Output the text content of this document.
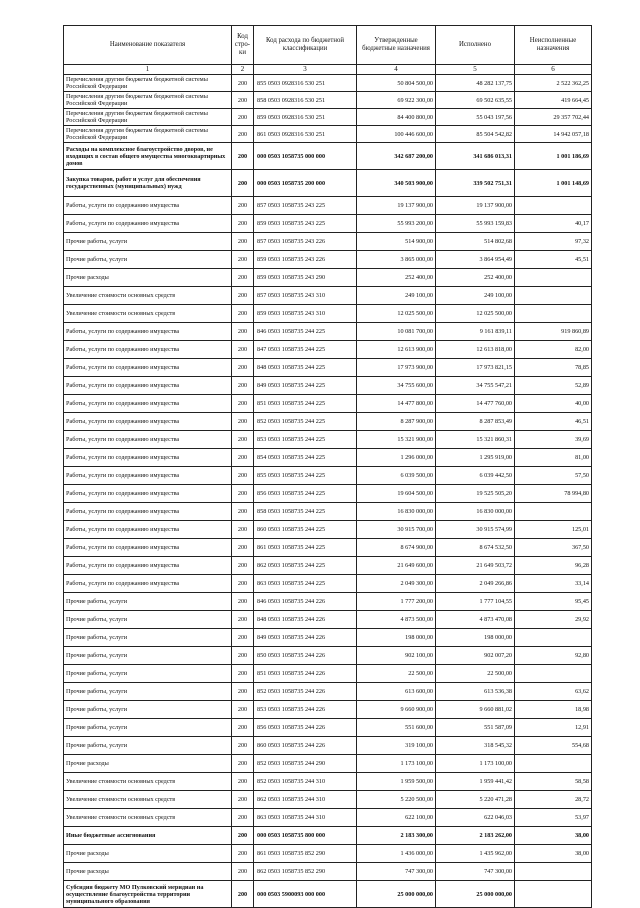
Наименование показателя	Код стро-ки	Код расхода по бюджетной классификации	Утвержденные бюджетные назначения	Исполнено	Неисполненные назначения
1	2	3	4	5	6
Перечисления другим бюджетам бюджетной системы Российской Федерации	200	855 0503 0928316 530 251	50 804 500,00	48 282 137,75	2 522 362,25
Перечисления другим бюджетам бюджетной системы Российской Федерации	200	858 0503 0928316 530 251	69 922 300,00	69 502 635,55	419 664,45
Перечисления другим бюджетам бюджетной системы Российской Федерации	200	859 0503 0928316 530 251	84 400 800,00	55 043 197,56	29 357 702,44
Перечисления другим бюджетам бюджетной системы Российской Федерации	200	861 0503 0928316 530 251	100 446 600,00	85 504 542,82	14 942 057,18
Расходы на комплексное благоустройство дворов, не входящих в состав общего имущества многоквартирных домов	200	000 0503 1058735 000 000	342 687 200,00	341 686 013,31	1 001 186,69
Закупка товаров, работ и услуг для обеспечения государственных (муниципальных) нужд	200	000 0503 1058735 200 000	340 503 900,00	339 502 751,31	1 001 148,69
Работы, услуги по содержанию имущества	200	857 0503 1058735 243 225	19 137 900,00	19 137 900,00	
Работы, услуги по содержанию имущества	200	859 0503 1058735 243 225	55 993 200,00	55 993 159,83	40,17
Прочие работы, услуги	200	857 0503 1058735 243 226	514 900,00	514 802,68	97,32
Прочие работы, услуги	200	859 0503 1058735 243 226	3 865 000,00	3 864 954,49	45,51
Прочие расходы	200	859 0503 1058735 243 290	252 400,00	252 400,00	
Увеличение стоимости основных средств	200	857 0503 1058735 243 310	249 100,00	249 100,00	
Увеличение стоимости основных средств	200	859 0503 1058735 243 310	12 025 500,00	12 025 500,00	
Работы, услуги по содержанию имущества	200	846 0503 1058735 244 225	10 081 700,00	9 161 839,11	919 860,89
Работы, услуги по содержанию имущества	200	847 0503 1058735 244 225	12 613 900,00	12 613 818,00	82,00
Работы, услуги по содержанию имущества	200	848 0503 1058735 244 225	17 973 900,00	17 973 821,15	78,85
Работы, услуги по содержанию имущества	200	849 0503 1058735 244 225	34 755 600,00	34 755 547,21	52,89
Работы, услуги по содержанию имущества	200	851 0503 1058735 244 225	14 477 800,00	14 477 760,00	40,00
Работы, услуги по содержанию имущества	200	852 0503 1058735 244 225	8 287 900,00	8 287 853,49	46,51
Работы, услуги по содержанию имущества	200	853 0503 1058735 244 225	15 321 900,00	15 321 860,31	39,69
Работы, услуги по содержанию имущества	200	854 0503 1058735 244 225	1 296 000,00	1 295 919,00	81,00
Работы, услуги по содержанию имущества	200	855 0503 1058735 244 225	6 039 500,00	6 039 442,50	57,50
Работы, услуги по содержанию имущества	200	856 0503 1058735 244 225	19 604 500,00	19 525 505,20	78 994,80
Работы, услуги по содержанию имущества	200	858 0503 1058735 244 225	16 830 000,00	16 830 000,00	
Работы, услуги по содержанию имущества	200	860 0503 1058735 244 225	30 915 700,00	30 915 574,99	125,01
Работы, услуги по содержанию имущества	200	861 0503 1058735 244 225	8 674 900,00	8 674 532,50	367,50
Работы, услуги по содержанию имущества	200	862 0503 1058735 244 225	21 649 600,00	21 649 503,72	96,28
Работы, услуги по содержанию имущества	200	863 0503 1058735 244 225	2 049 300,00	2 049 266,86	33,14
Прочие работы, услуги	200	846 0503 1058735 244 226	1 777 200,00	1 777 104,55	95,45
Прочие работы, услуги	200	848 0503 1058735 244 226	4 873 500,00	4 873 470,08	29,92
Прочие работы, услуги	200	849 0503 1058735 244 226	198 000,00	198 000,00	
Прочие работы, услуги	200	850 0503 1058735 244 226	902 100,00	902 007,20	92,80
Прочие работы, услуги	200	851 0503 1058735 244 226	22 500,00	22 500,00	
Прочие работы, услуги	200	852 0503 1058735 244 226	613 600,00	613 536,38	63,62
Прочие работы, услуги	200	853 0503 1058735 244 226	9 660 900,00	9 660 881,02	18,98
Прочие работы, услуги	200	856 0503 1058735 244 226	551 600,00	551 587,09	12,91
Прочие работы, услуги	200	860 0503 1058735 244 226	319 100,00	318 545,32	554,68
Прочие расходы	200	852 0503 1058735 244 290	1 173 100,00	1 173 100,00	
Увеличение стоимости основных средств	200	852 0503 1058735 244 310	1 959 500,00	1 959 441,42	58,58
Увеличение стоимости основных средств	200	862 0503 1058735 244 310	5 220 500,00	5 220 471,28	28,72
Увеличение стоимости основных средств	200	863 0503 1058735 244 310	622 100,00	622 046,03	53,97
Иные бюджетные ассигнования	200	000 0503 1058735 800 000	2 183 300,00	2 183 262,00	38,00
Прочие расходы	200	861 0503 1058735 852 290	1 436 000,00	1 435 962,00	38,00
Прочие расходы	200	862 0503 1058735 852 290	747 300,00	747 300,00	
Субсидия бюджету МО Пулковский меридиан на осуществление благоустройства территории муниципального образования	200	000 0503 5900093 000 000	25 000 000,00	25 000 000,00	
